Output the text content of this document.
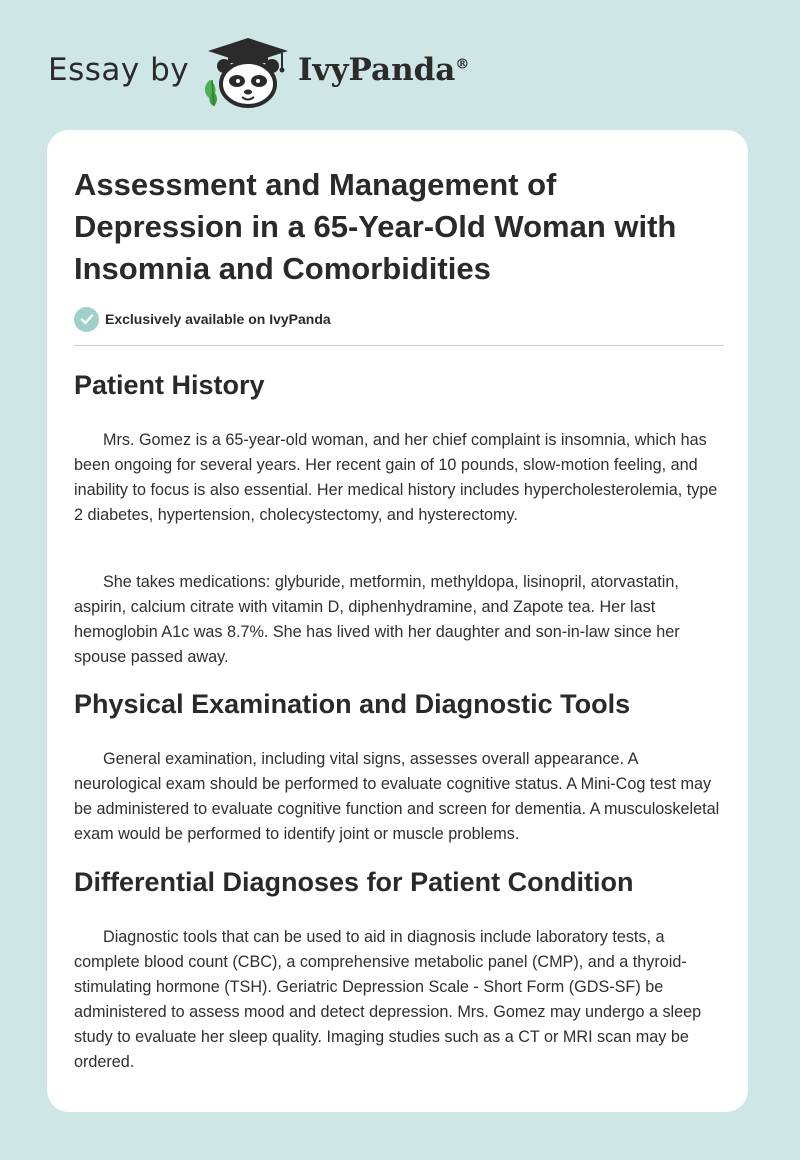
Essay by	IvyPanda®
Assessment and Management of Depression in a 65-Year-Old Woman with Insomnia and Comorbidities
Exclusively available on IvyPanda
Patient History

Mrs. Gomez is a 65-year-old woman, and her chief complaint is insomnia, which has been ongoing for several years. Her recent gain of 10 pounds, slow-motion feeling, and inability to focus is also essential. Her medical history includes hypercholesterolemia, type 2 diabetes, hypertension, cholecystectomy, and hysterectomy.

She takes medications: glyburide, metformin, methyldopa, lisinopril, atorvastatin, aspirin, calcium citrate with vitamin D, diphenhydramine, and Zapote tea. Her last hemoglobin A1c was 8.7%. She has lived with her daughter and son-in-law since her spouse passed away.

Physical Examination and Diagnostic Tools

General examination, including vital signs, assesses overall appearance. A neurological exam should be performed to evaluate cognitive status. A Mini-Cog test may be administered to evaluate cognitive function and screen for dementia. A musculoskeletal exam would be performed to identify joint or muscle problems.

Differential Diagnoses for Patient Condition

Diagnostic tools that can be used to aid in diagnosis include laboratory tests, a complete blood count (CBC), a comprehensive metabolic panel (CMP), and a thyroid-stimulating hormone (TSH). Geriatric Depression Scale - Short Form (GDS-SF) be administered to assess mood and detect depression. Mrs. Gomez may undergo a sleep study to evaluate her sleep quality. Imaging studies such as a CT or MRI scan may be ordered.
